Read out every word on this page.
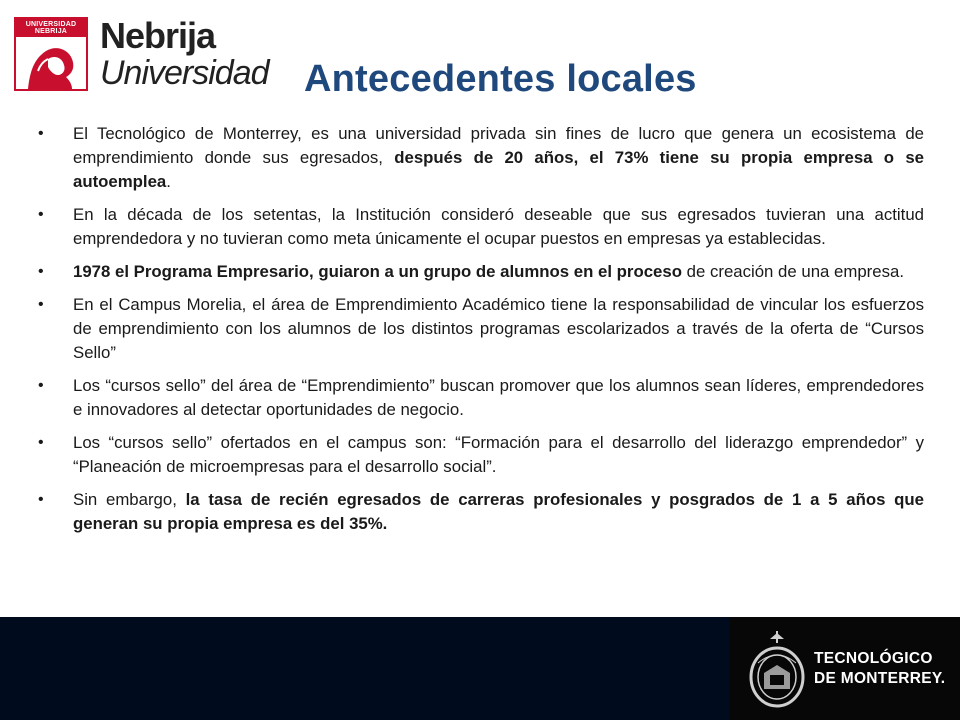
UNIVERSIDAD NEBRIJA Nebrija
Universidad Antecedentes locales
• El Tecnológico de Monterrey, es una universidad privada sin fines de lucro que genera un ecosistema de emprendimiento donde sus egresados, después de 20 años, el 73% tiene su propia empresa o se autoemplea.
• En la década de los setentas, la Institución consideró deseable que sus egresados tuvieran una actitud emprendedora y no tuvieran como meta únicamente el ocupar puestos en empresas ya establecidas.
• 1978 el Programa Empresario, guiaron a un grupo de alumnos en el proceso de creación de una empresa.
• En el Campus Morelia, el área de Emprendimiento Académico tiene la responsabilidad de vincular los esfuerzos de emprendimiento con los alumnos de los distintos programas escolarizados a través de la oferta de “Cursos Sello”
• Los “cursos sello” del área de “Emprendimiento” buscan promover que los alumnos sean líderes, emprendedores e innovadores al detectar oportunidades de negocio.
• Los “cursos sello” ofertados en el campus son: “Formación para el desarrollo del liderazgo emprendedor” y “Planeación de microempresas para el desarrollo social”.
• Sin embargo, la tasa de recién egresados de carreras profesionales y posgrados de 1 a 5 años que generan su propia empresa es del 35%.
TECNOLÓGICO
DE MONTERREY.
